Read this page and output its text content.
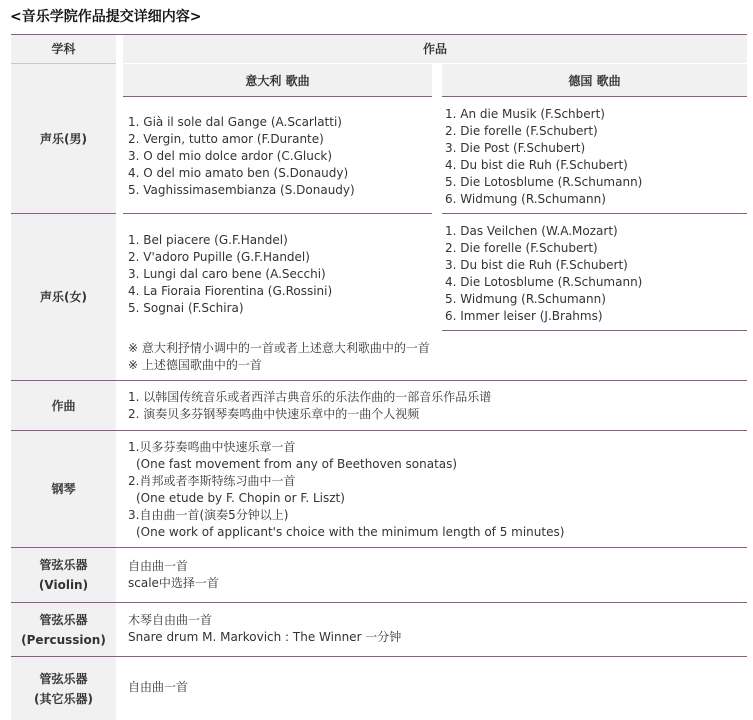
<音乐学院作品提交详细内容>
学科	作品
意大利 歌曲	德国 歌曲
声乐(男)
声乐(女)
作曲
钢琴
管弦乐器
(Violin)
管弦乐器
(Percussion)
管弦乐器
(其它乐器)
1. Già il sole dal Gange (A.Scarlatti)
2. Vergin, tutto amor (F.Durante)
3. O del mio dolce ardor (C.Gluck)
4. O del mio amato ben (S.Donaudy)
5. Vaghissimasembianza (S.Donaudy)
1. An die Musik (F.Schbert)
2. Die forelle (F.Schubert)
3. Die Post (F.Schubert)
4. Du bist die Ruh (F.Schubert)
5. Die Lotosblume (R.Schumann)
6. Widmung (R.Schumann)
1. Bel piacere (G.F.Handel)
2. V'adoro Pupille (G.F.Handel)
3. Lungi dal caro bene (A.Secchi)
4. La Fioraia Fiorentina (G.Rossini)
5. Sognai (F.Schira)
1. Das Veilchen (W.A.Mozart)
2. Die forelle (F.Schubert)
3. Du bist die Ruh (F.Schubert)
4. Die Lotosblume (R.Schumann)
5. Widmung (R.Schumann)
6. Immer leiser (J.Brahms)
※ 意大利抒情小调中的一首或者上述意大利歌曲中的一首
※ 上述德国歌曲中的一首
1. 以韩国传统音乐或者西洋古典音乐的乐法作曲的一部音乐作品乐谱
2. 演奏贝多芬钢琴奏鸣曲中快速乐章中的一曲个人视频
1.贝多芬奏鸣曲中快速乐章一首
(One fast movement from any of Beethoven sonatas)
2.肖邦或者李斯特练习曲中一首
(One etude by F. Chopin or F. Liszt)
3.自由曲一首(演奏5分钟以上)
(One work of applicant's choice with the minimum length of 5 minutes)
自由曲一首
scale中选择一首
木琴自由曲一首
Snare drum M. Markovich : The Winner 一分钟
自由曲一首
